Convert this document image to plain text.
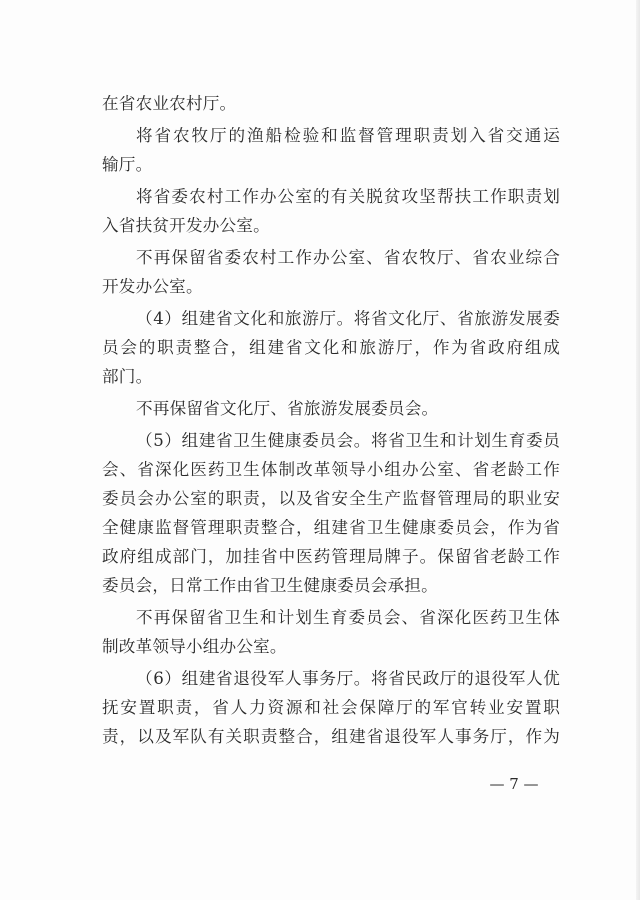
在省农业农村厅。
将省农牧厅的渔船检验和监督管理职责划入省交通运
输厅。
将省委农村工作办公室的有关脱贫攻坚帮扶工作职责划
入省扶贫开发办公室。
不再保留省委农村工作办公室、省农牧厅、省农业综合
开发办公室。
（4）组建省文化和旅游厅。将省文化厅、省旅游发展委
员会的职责整合，组建省文化和旅游厅，作为省政府组成
部门。
不再保留省文化厅、省旅游发展委员会。
（5）组建省卫生健康委员会。将省卫生和计划生育委员
会、省深化医药卫生体制改革领导小组办公室、省老龄工作
委员会办公室的职责，以及省安全生产监督管理局的职业安
全健康监督管理职责整合，组建省卫生健康委员会，作为省
政府组成部门，加挂省中医药管理局牌子。保留省老龄工作
委员会，日常工作由省卫生健康委员会承担。
不再保留省卫生和计划生育委员会、省深化医药卫生体
制改革领导小组办公室。
（6）组建省退役军人事务厅。将省民政厅的退役军人优
抚安置职责，省人力资源和社会保障厅的军官转业安置职
责，以及军队有关职责整合，组建省退役军人事务厅，作为
— 7 —
